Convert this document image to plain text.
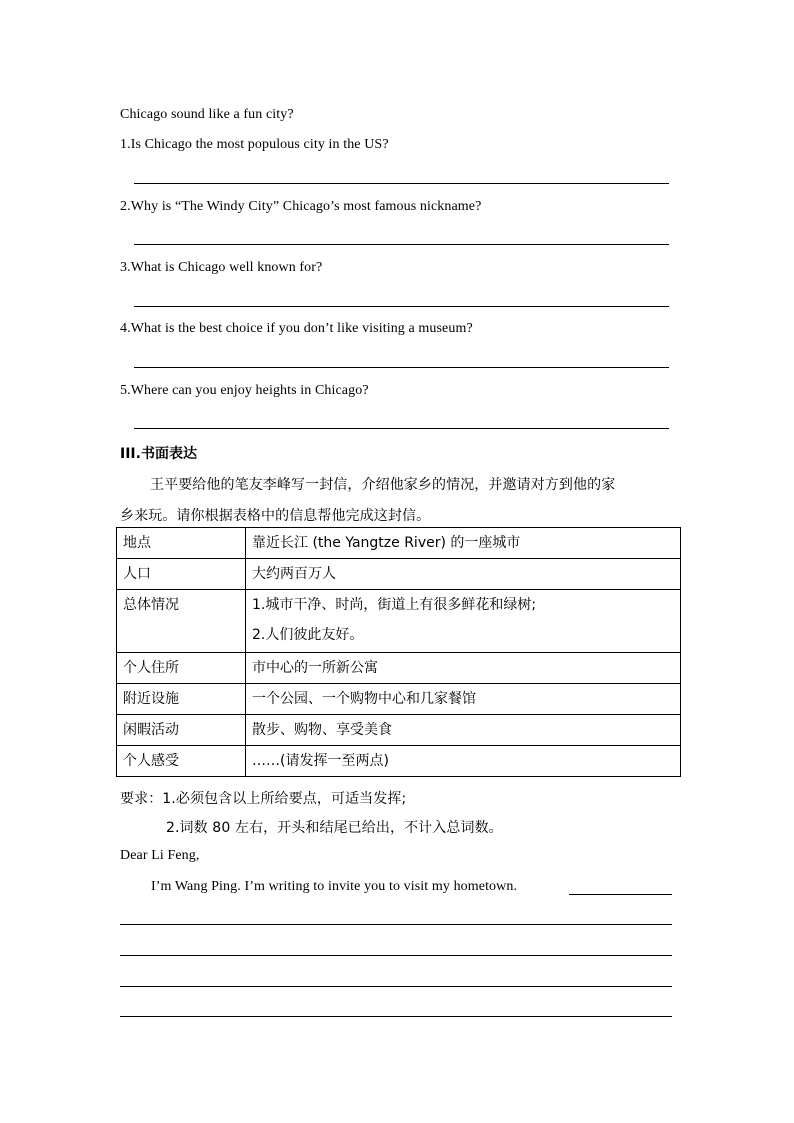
Chicago sound like a fun city?
1.Is Chicago the most populous city in the US?
2.Why is “The Windy City” Chicago’s most famous nickname?
3.What is Chicago well known for?
4.What is the best choice if you don’t like visiting a museum?
5.Where can you enjoy heights in Chicago?
III.书面表达
王平要给他的笔友李峰写一封信，介绍他家乡的情况，并邀请对方到他的家
乡来玩。请你根据表格中的信息帮他完成这封信。
地点	靠近长江 (the Yangtze River) 的一座城市
人口	大约两百万人

总体情况	1.城市干净、时尚，街道上有很多鲜花和绿树;
2.人们彼此友好。

个人住所	市中心的一所新公寓
附近设施	一个公园、一个购物中心和几家餐馆
闲暇活动	散步、购物、享受美食
个人感受	……(请发挥一至两点)
要求：1.必须包含以上所给要点，可适当发挥;
2.词数 80 左右，开头和结尾已给出，不计入总词数。
Dear Li Feng,
I’m Wang Ping. I’m writing to invite you to visit my hometown.
